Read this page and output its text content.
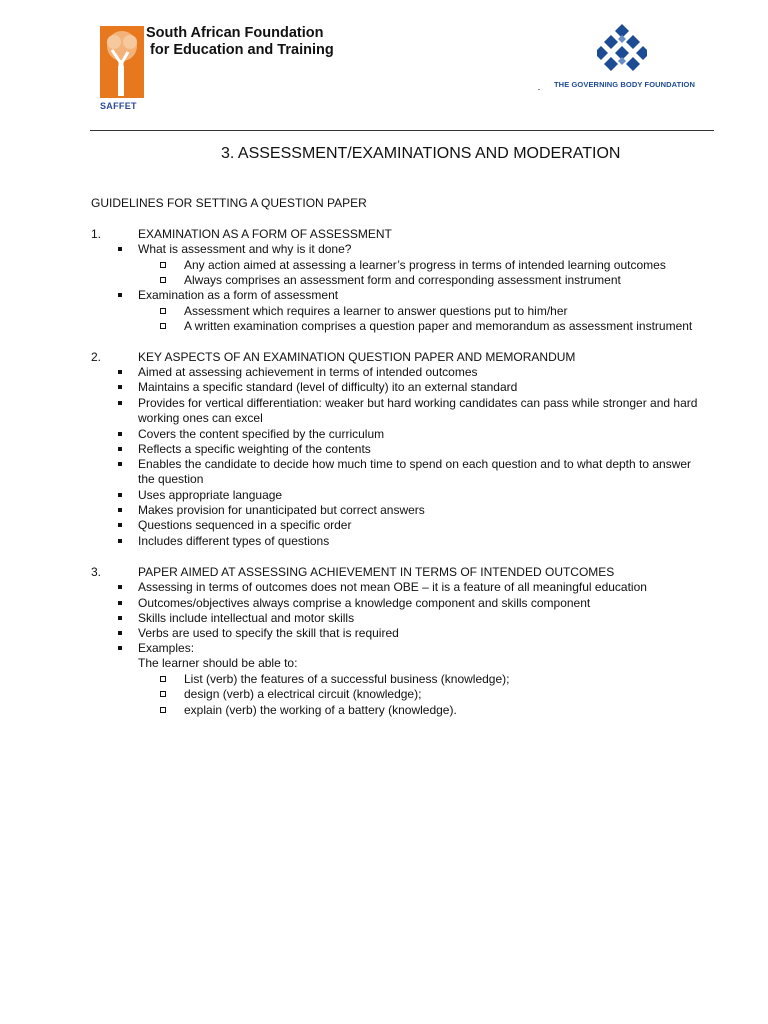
SAFFET
South African Foundation
for Education and Training
THE GOVERNING BODY FOUNDATION
3. ASSESSMENT/EXAMINATIONS AND MODERATION
GUIDELINES FOR SETTING A QUESTION PAPER
1.	EXAMINATION AS A FORM OF ASSESSMENT
What is assessment and why is it done?
Any action aimed at assessing a learner’s progress in terms of intended learning outcomes
Always comprises an assessment form and corresponding assessment instrument
Examination as a form of assessment
Assessment which requires a learner to answer questions put to him/her
A written examination comprises a question paper and memorandum as assessment instrument
2.	KEY ASPECTS OF AN EXAMINATION QUESTION PAPER AND MEMORANDUM
Aimed at assessing achievement in terms of intended outcomes
Maintains a specific standard (level of difficulty) ito an external standard
Provides for vertical differentiation: weaker but hard working candidates can pass while stronger and hard working ones can excel
Covers the content specified by the curriculum
Reflects a specific weighting of the contents
Enables the candidate to decide how much time to spend on each question and to what depth to answer the question
Uses appropriate language
Makes provision for unanticipated but correct answers
Questions sequenced in a specific order
Includes different types of questions
3.	PAPER AIMED AT ASSESSING ACHIEVEMENT IN TERMS OF INTENDED OUTCOMES
Assessing in terms of outcomes does not mean OBE – it is a feature of all meaningful education
Outcomes/objectives always comprise a knowledge component and skills component
Skills include intellectual and motor skills
Verbs are used to specify the skill that is required
Examples:
The learner should be able to:
List (verb) the features of a successful business (knowledge);
design (verb) a electrical circuit (knowledge);
explain (verb) the working of a battery (knowledge).
